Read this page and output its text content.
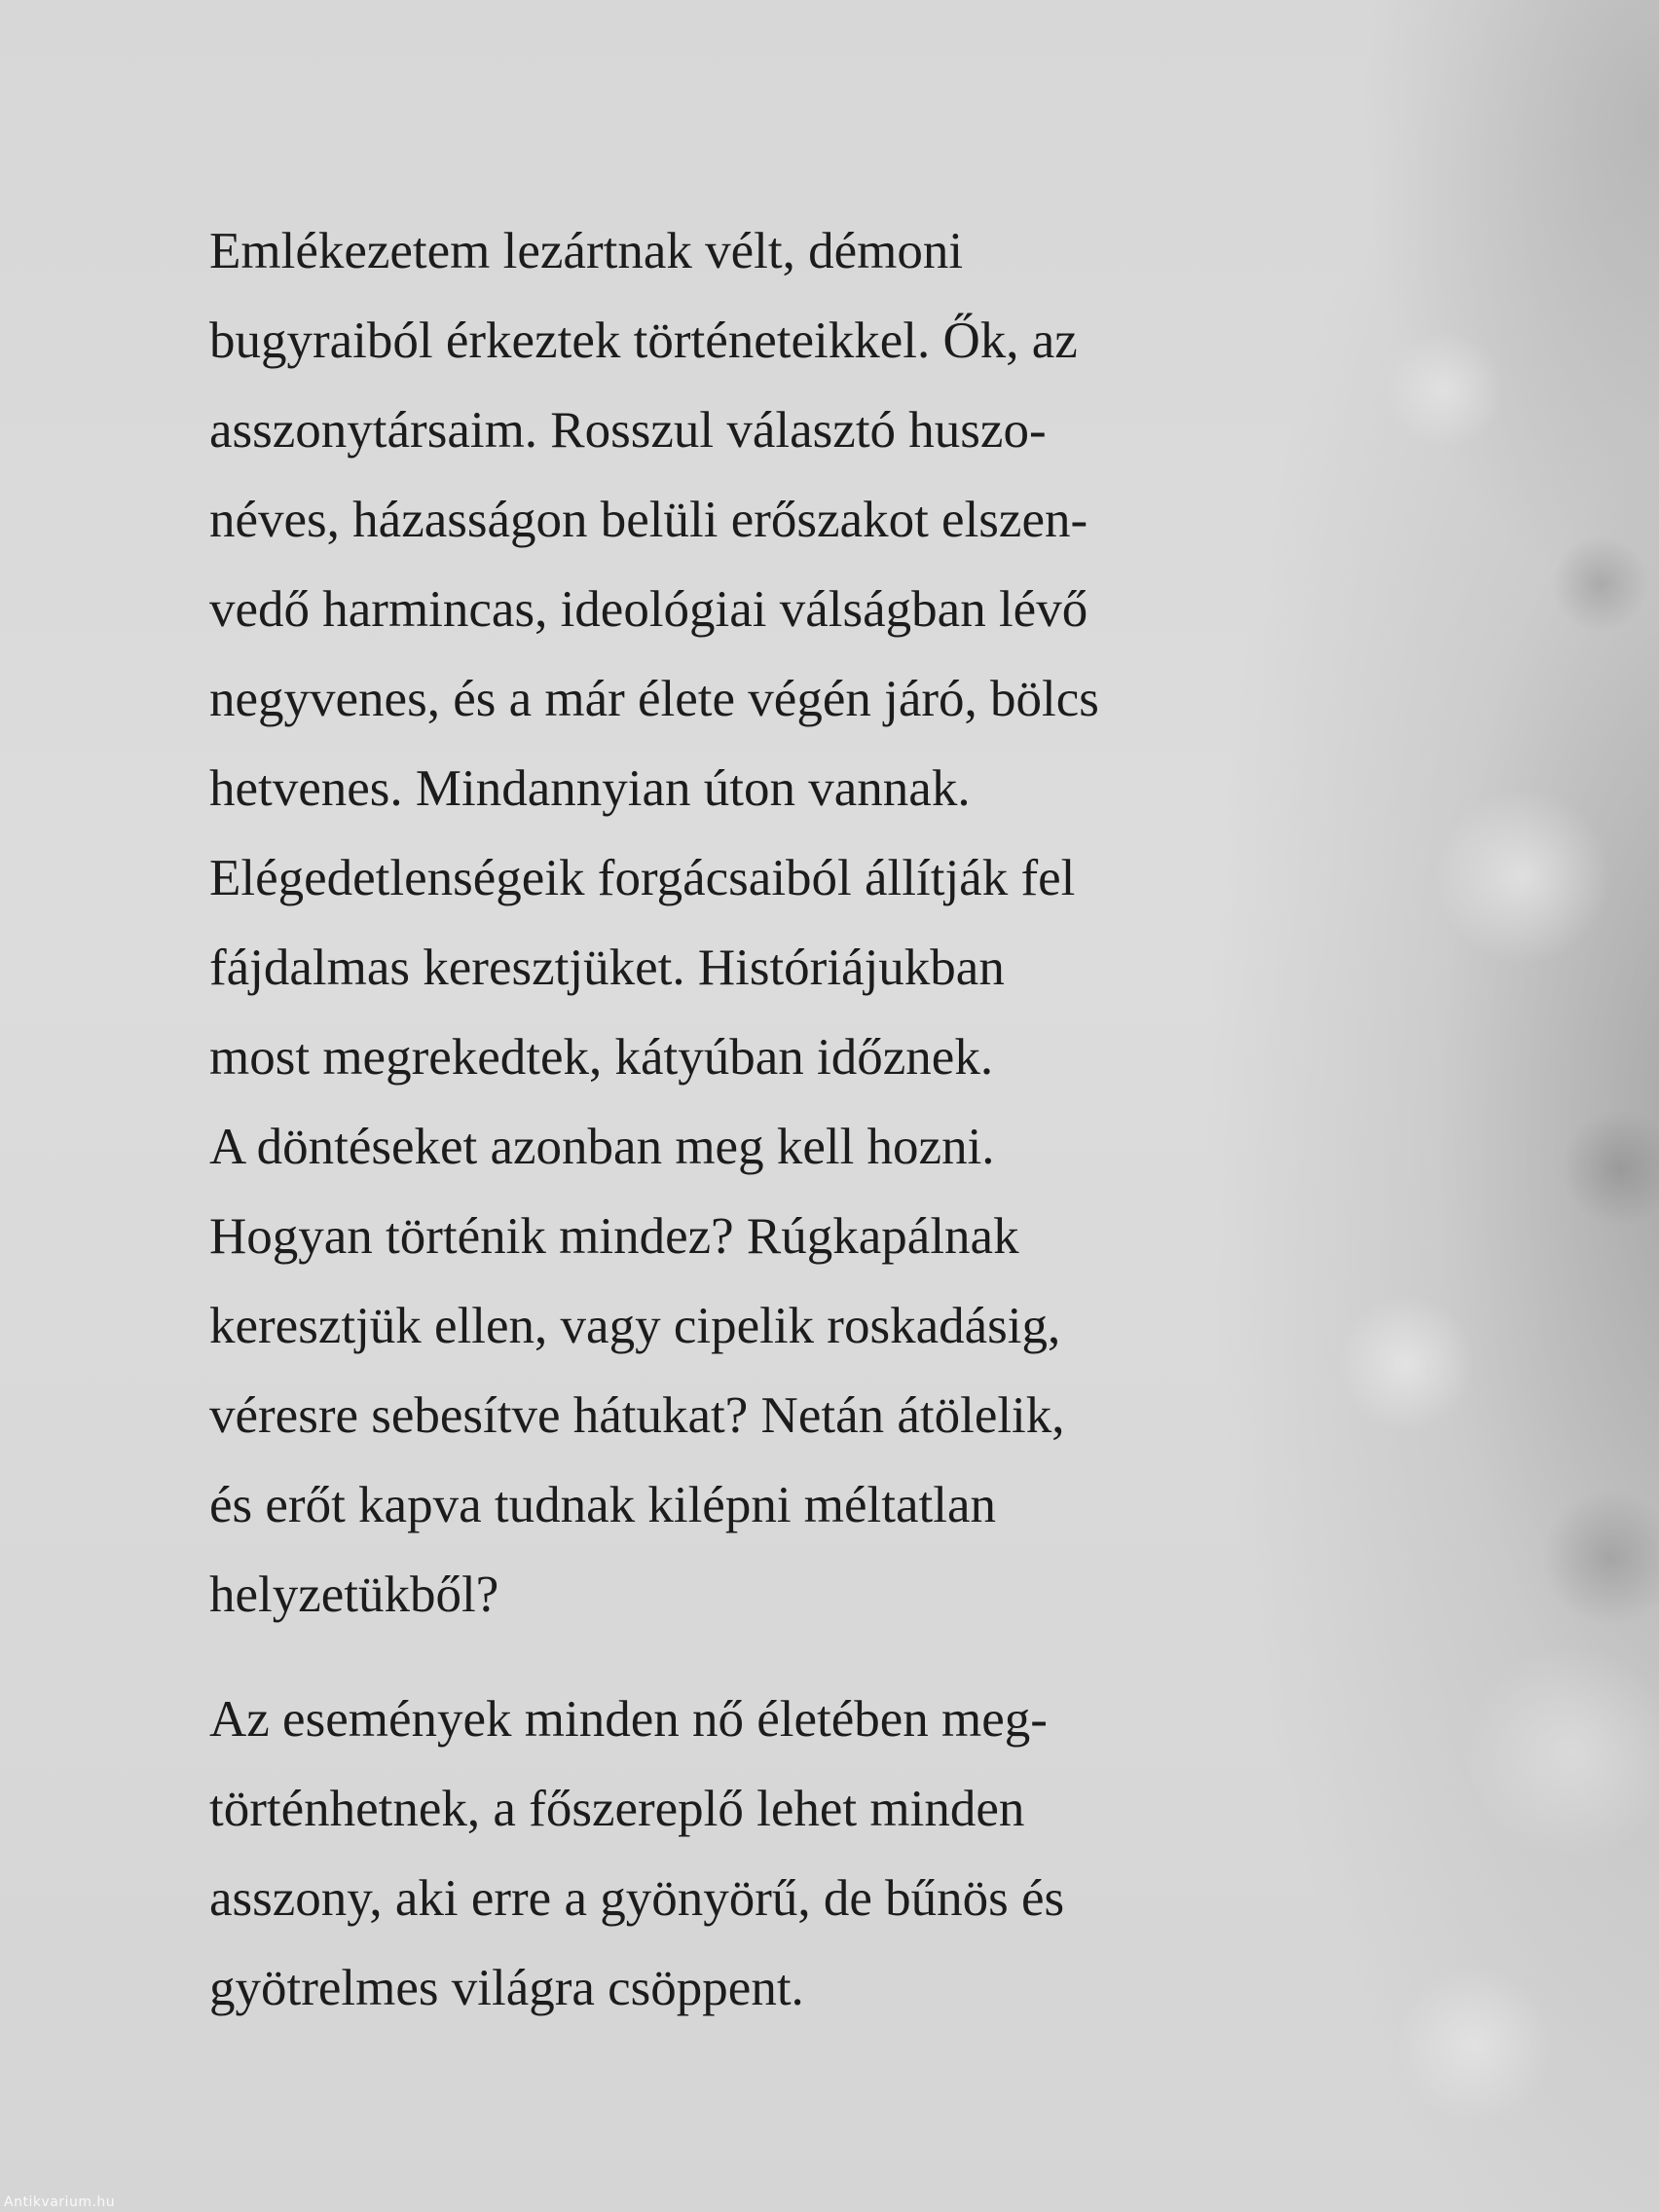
Emlékezetem lezártnak vélt, démoni
bugyraiból érkeztek történeteikkel. Ők, az
asszonytársaim. Rosszul választó huszo-
néves, házasságon belüli erőszakot elszen-
vedő harmincas, ideológiai válságban lévő
negyvenes, és a már élete végén járó, bölcs
hetvenes. Mindannyian úton vannak.
Elégedetlenségeik forgácsaiból állítják fel
fájdalmas keresztjüket. Históriájukban
most megrekedtek, kátyúban időznek.
A döntéseket azonban meg kell hozni.
Hogyan történik mindez? Rúgkapálnak
keresztjük ellen, vagy cipelik roskadásig,
véresre sebesítve hátukat? Netán átölelik,
és erőt kapva tudnak kilépni méltatlan
helyzetükből?
Az események minden nő életében meg-
történhetnek, a főszereplő lehet minden
asszony, aki erre a gyönyörű, de bűnös és
gyötrelmes világra csöppent.
Antikvarium.hu
